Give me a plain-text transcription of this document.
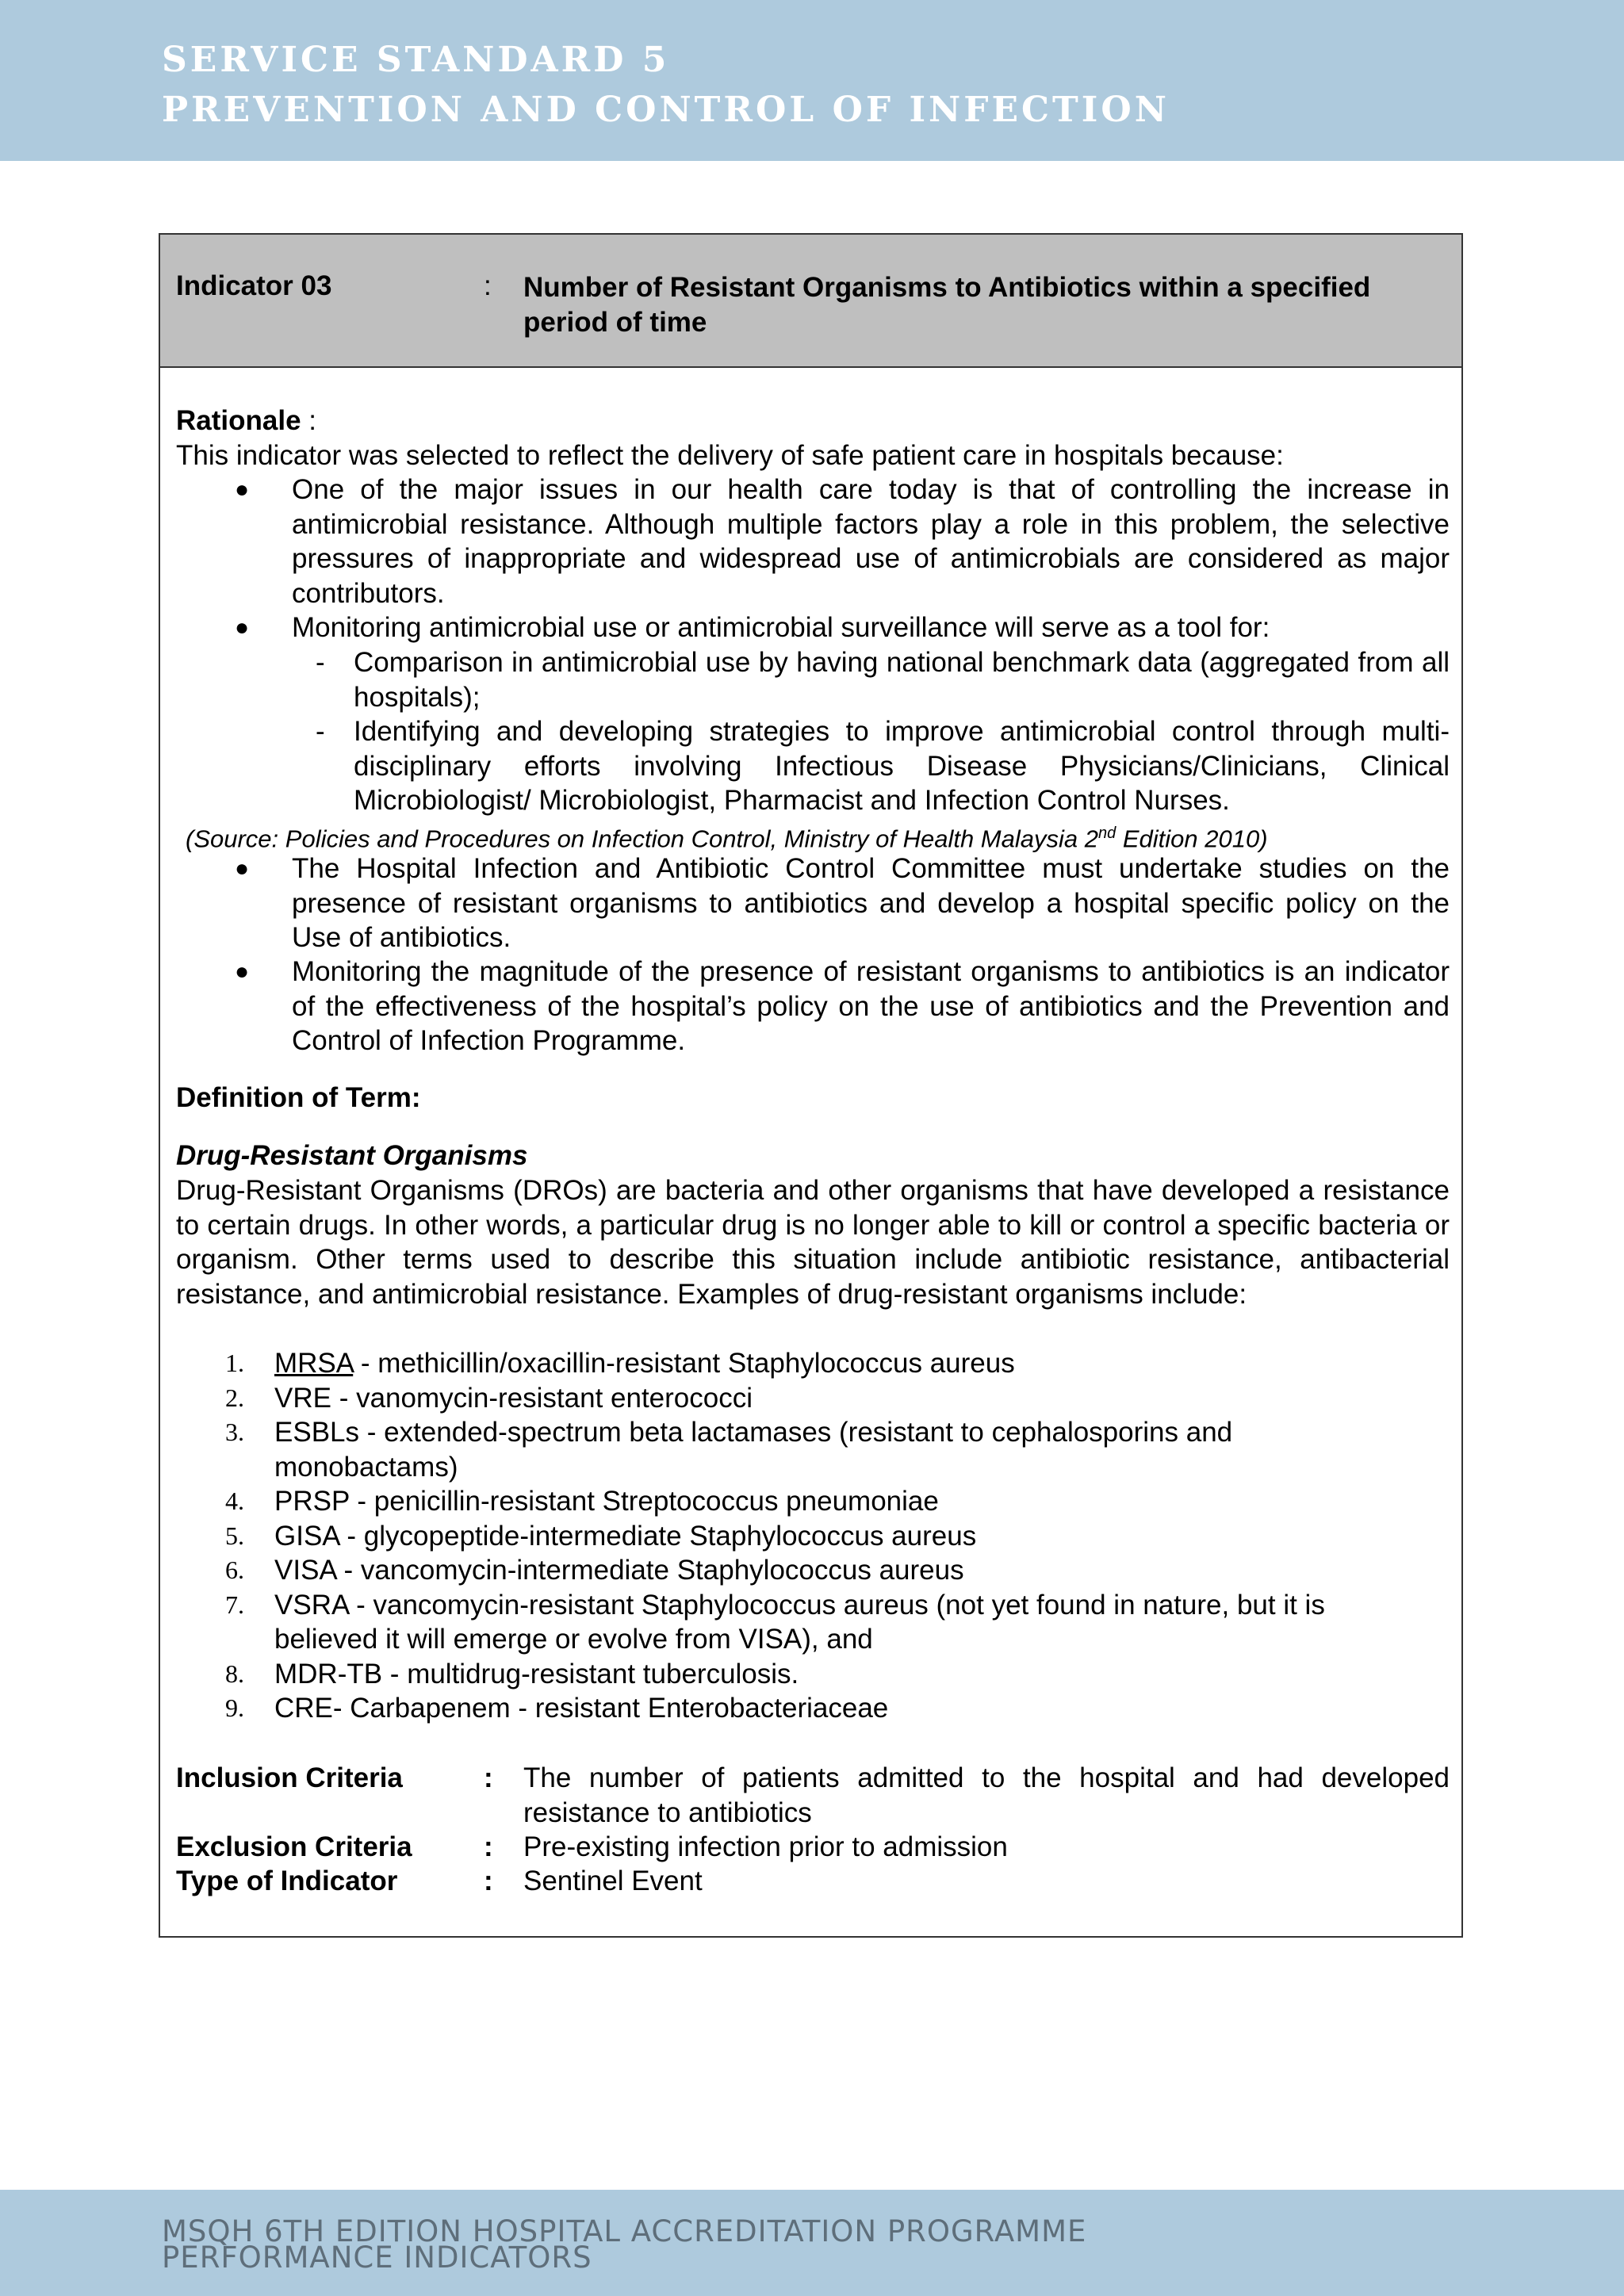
SERVICE STANDARD 5
PREVENTION AND CONTROL OF INFECTION
Indicator 03	: Number of Resistant Organisms to Antibiotics within a specified period of time
Rationale :
This indicator was selected to reflect the delivery of safe patient care in hospitals because:
● One of the major issues in our health care today is that of controlling the increase in antimicrobial resistance. Although multiple factors play a role in this problem, the selective pressures of inappropriate and widespread use of antimicrobials are considered as major contributors.
● Monitoring antimicrobial use or antimicrobial surveillance will serve as a tool for:
- Comparison in antimicrobial use by having national benchmark data (aggregated from all hospitals);
- Identifying and developing strategies to improve antimicrobial control through multi-disciplinary efforts involving Infectious Disease Physicians/Clinicians, Clinical Microbiologist/ Microbiologist, Pharmacist and Infection Control Nurses.
(Source: Policies and Procedures on Infection Control, Ministry of Health Malaysia 2nd Edition 2010)
● The Hospital Infection and Antibiotic Control Committee must undertake studies on the presence of resistant organisms to antibiotics and develop a hospital specific policy on the Use of antibiotics.
● Monitoring the magnitude of the presence of resistant organisms to antibiotics is an indicator of the effectiveness of the hospital’s policy on the use of antibiotics and the Prevention and Control of Infection Programme.
Definition of Term:
Drug-Resistant Organisms
Drug-Resistant Organisms (DROs) are bacteria and other organisms that have developed a resistance to certain drugs. In other words, a particular drug is no longer able to kill or control a specific bacteria or organism. Other terms used to describe this situation include antibiotic resistance, antibacterial resistance, and antimicrobial resistance. Examples of drug-resistant organisms include:
1. MRSA - methicillin/oxacillin-resistant Staphylococcus aureus
2. VRE - vanomycin-resistant enterococci
3. ESBLs - extended-spectrum beta lactamases (resistant to cephalosporins and
monobactams)
4. PRSP - penicillin-resistant Streptococcus pneumoniae
5. GISA - glycopeptide-intermediate Staphylococcus aureus
6. VISA - vancomycin-intermediate Staphylococcus aureus
7. VSRA - vancomycin-resistant Staphylococcus aureus (not yet found in nature, but it is
believed it will emerge or evolve from VISA), and
8. MDR-TB - multidrug-resistant tuberculosis.
9. CRE- Carbapenem - resistant Enterobacteriaceae
Inclusion Criteria	: The number of patients admitted to the hospital and had developed resistance to antibiotics
Exclusion Criteria	: Pre-existing infection prior to admission
Type of Indicator	: Sentinel Event
MSQH 6TH EDITION HOSPITAL ACCREDITATION PROGRAMME
PERFORMANCE INDICATORS
